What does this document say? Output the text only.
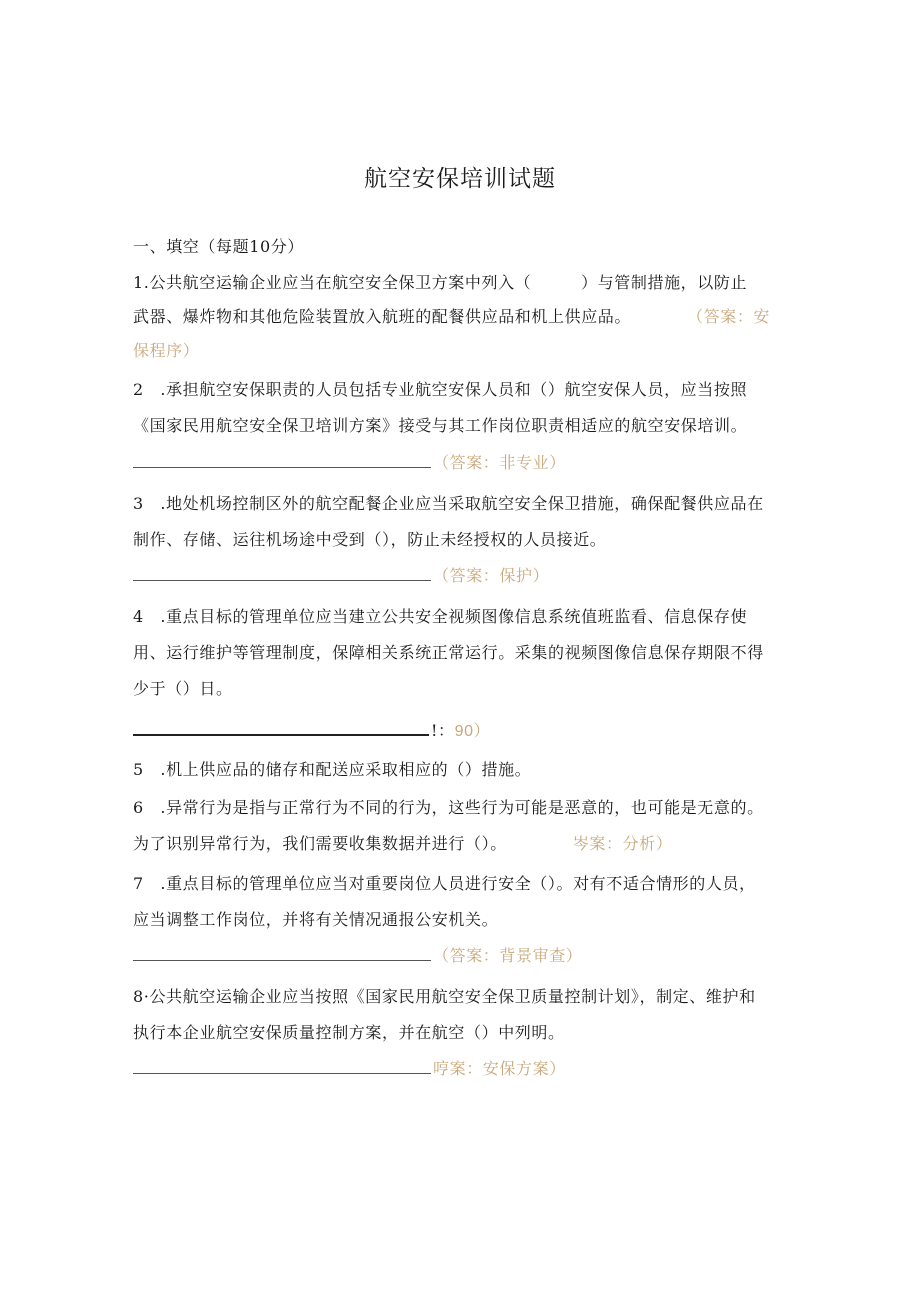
航空安保培训试题
一、填空（每题10分）
1.公共航空运输企业应当在航空安全保卫方案中列入（　　　）与管制措施，以防止
武器、爆炸物和其他危险装置放入航班的配餐供应品和机上供应品。	（答案：安
保程序）
2　.承担航空安保职责的人员包括专业航空安保人员和（）航空安保人员，应当按照
《国家民用航空安全保卫培训方案》接受与其工作岗位职责相适应的航空安保培训。
（答案：非专业）
3　.地处机场控制区外的航空配餐企业应当采取航空安全保卫措施，确保配餐供应品在
制作、存储、运往机场途中受到（），防止未经授权的人员接近。
（答案：保护）
4　.重点目标的管理单位应当建立公共安全视频图像信息系统值班监看、信息保存使
用、运行维护等管理制度，保障相关系统正常运行。采集的视频图像信息保存期限不得
少于（）日。
!：90）
5　.机上供应品的储存和配送应采取相应的（）措施。
6　.异常行为是指与正常行为不同的行为，这些行为可能是恶意的，也可能是无意的。
为了识别异常行为，我们需要收集数据并进行（）。	岑案：分析）
7　.重点目标的管理单位应当对重要岗位人员进行安全（）。对有不适合情形的人员，
应当调整工作岗位，并将有关情况通报公安机关。
（答案：背景审查）
8·公共航空运输企业应当按照《国家民用航空安全保卫质量控制计划》，制定、维护和
执行本企业航空安保质量控制方案，并在航空（）中列明。
哼案：安保方案）
